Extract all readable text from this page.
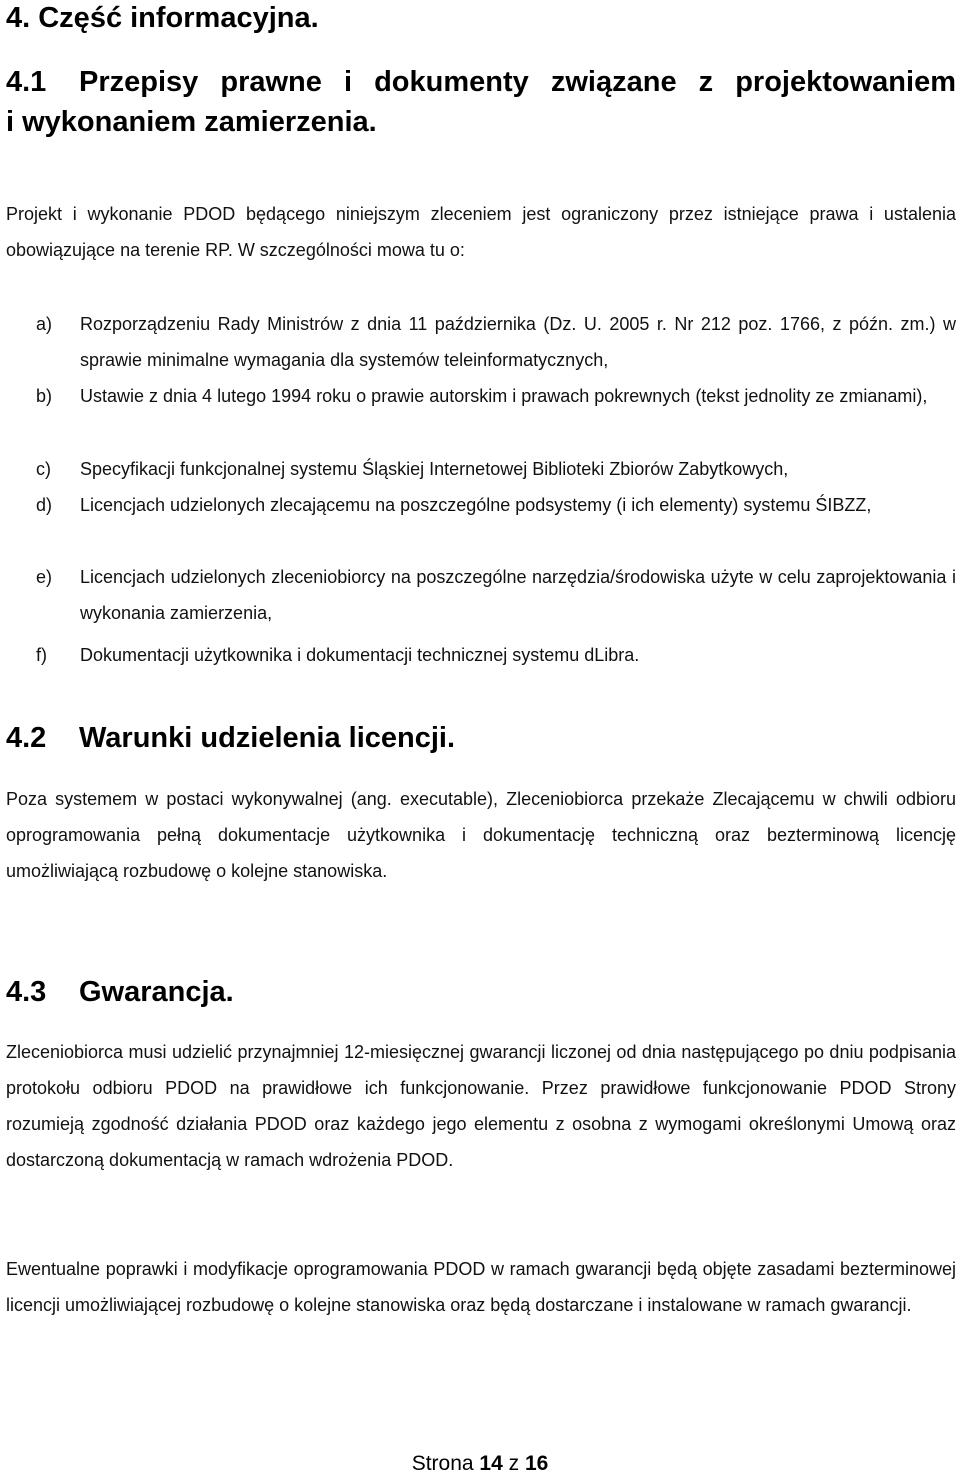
4. Część informacyjna.
4.1 Przepisy prawne i dokumenty związane z projektowaniem
i wykonaniem zamierzenia.

Projekt i wykonanie PDOD będącego niniejszym zleceniem jest ograniczony przez istniejące prawa i ustalenia obowiązujące na terenie RP. W szczególności mowa tu o:

a) Rozporządzeniu Rady Ministrów z dnia 11 października (Dz. U. 2005 r. Nr 212 poz. 1766, z późn. zm.) w sprawie minimalne wymagania dla systemów teleinformatycznych,
b) Ustawie z dnia 4 lutego 1994 roku o prawie autorskim i prawach pokrewnych (tekst jednolity ze zmianami),
c) Specyfikacji funkcjonalnej systemu Śląskiej Internetowej Biblioteki Zbiorów Zabytkowych,
d) Licencjach udzielonych zlecającemu na poszczególne podsystemy (i ich elementy) systemu ŚIBZZ,
e) Licencjach udzielonych zleceniobiorcy na poszczególne narzędzia/środowiska użyte w celu zaprojektowania i wykonania zamierzenia,
f) Dokumentacji użytkownika i dokumentacji technicznej systemu dLibra.
4.2 Warunki udzielenia licencji.

Poza systemem w postaci wykonywalnej (ang. executable), Zleceniobiorca przekaże Zlecającemu w chwili odbioru oprogramowania pełną dokumentacje użytkownika i dokumentację techniczną oraz bezterminową licencję umożliwiającą rozbudowę o kolejne stanowiska.

4.3 Gwarancja.

Zleceniobiorca musi udzielić przynajmniej 12-miesięcznej gwarancji liczonej od dnia następującego po dniu podpisania protokołu odbioru PDOD na prawidłowe ich funkcjonowanie. Przez prawidłowe funkcjonowanie PDOD Strony rozumieją zgodność działania PDOD oraz każdego jego elementu z osobna z wymogami określonymi Umową oraz dostarczoną dokumentacją w ramach wdrożenia PDOD.

Ewentualne poprawki i modyfikacje oprogramowania PDOD w ramach gwarancji będą objęte zasadami bezterminowej licencji umożliwiającej rozbudowę o kolejne stanowiska oraz będą dostarczane i instalowane w ramach gwarancji.

Strona 14 z 16
